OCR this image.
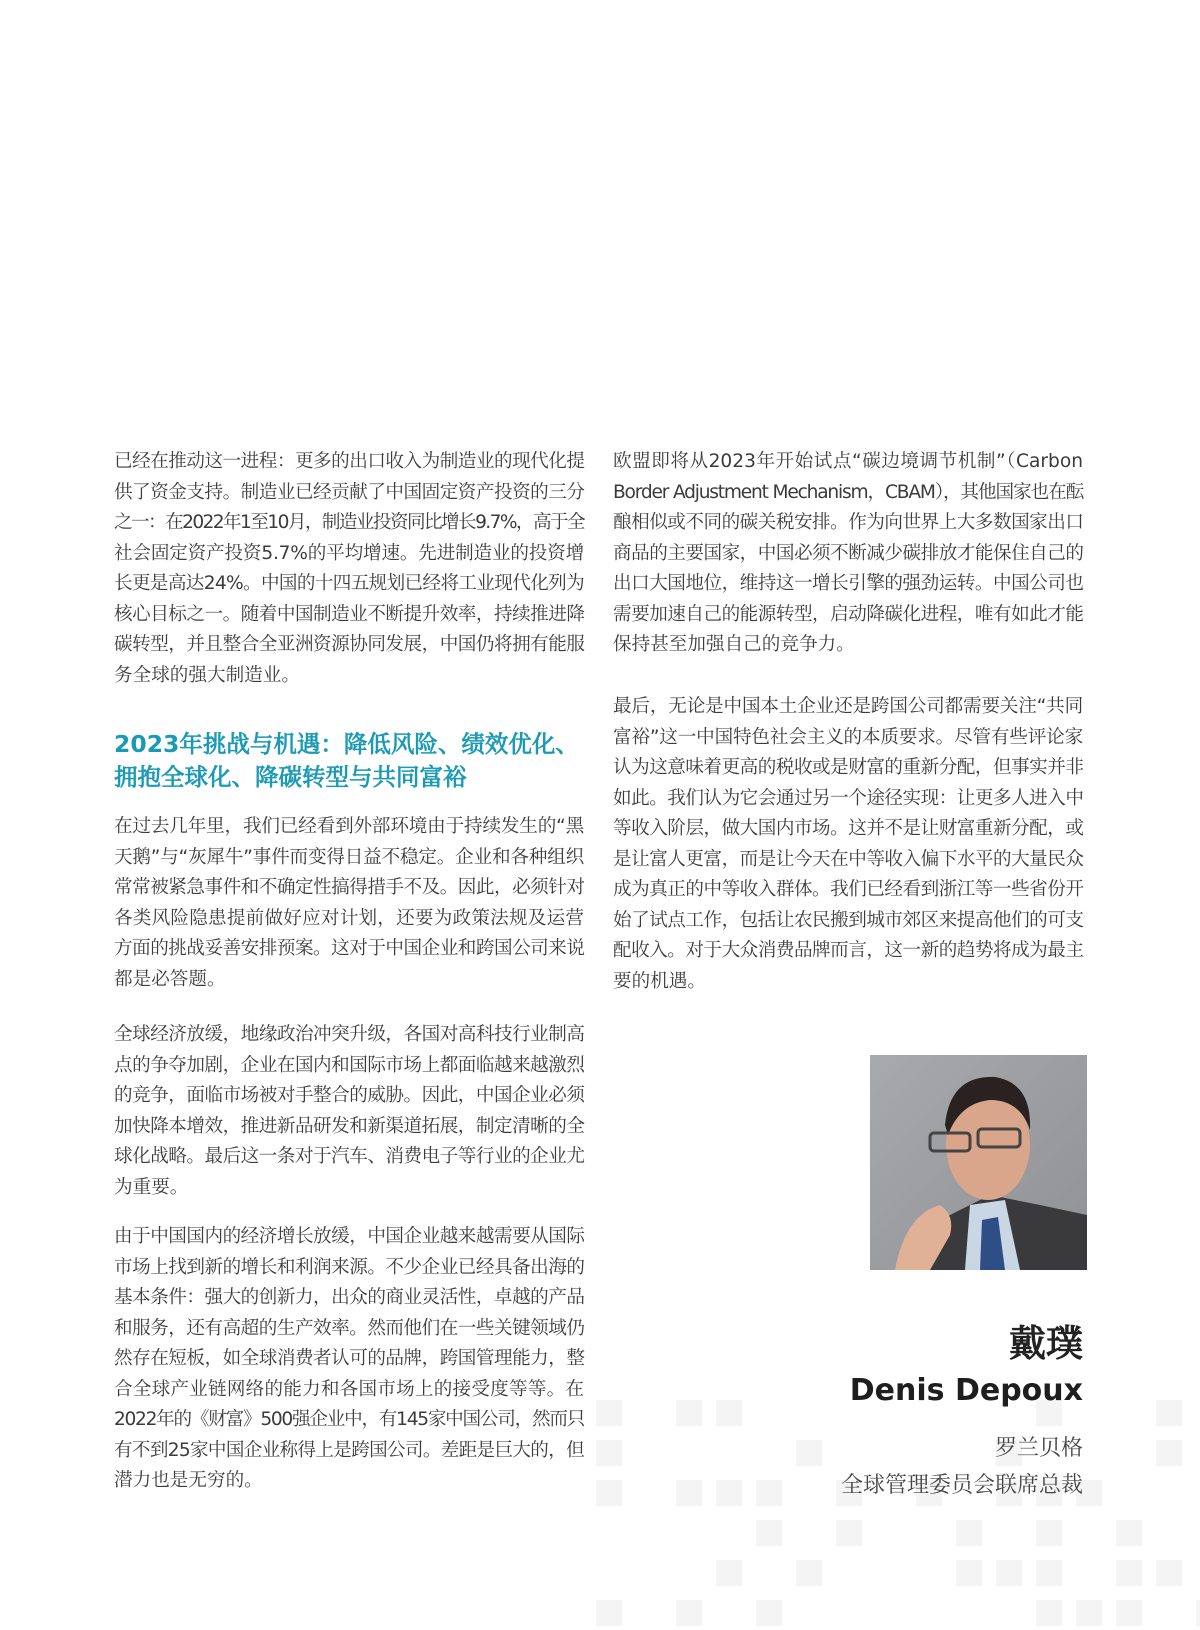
已经在推动这一进程：更多的出口收入为制造业的现代化提
供了资金支持。制造业已经贡献了中国固定资产投资的三分
之一：在2022年1至10月，制造业投资同比增长9.7%，高于全
社会固定资产投资5.7%的平均增速。先进制造业的投资增
长更是高达24%。中国的十四五规划已经将工业现代化列为
核心目标之一。随着中国制造业不断提升效率，持续推进降
碳转型，并且整合全亚洲资源协同发展，中国仍将拥有能服
务全球的强大制造业。
2023年挑战与机遇：降低风险、绩效优化、
拥抱全球化、降碳转型与共同富裕
在过去几年里，我们已经看到外部环境由于持续发生的“黑
天鹅”与“灰犀牛”事件而变得日益不稳定。企业和各种组织
常常被紧急事件和不确定性搞得措手不及。因此，必须针对
各类风险隐患提前做好应对计划，还要为政策法规及运营
方面的挑战妥善安排预案。这对于中国企业和跨国公司来说
都是必答题。
全球经济放缓，地缘政治冲突升级，各国对高科技行业制高
点的争夺加剧，企业在国内和国际市场上都面临越来越激烈
的竞争，面临市场被对手整合的威胁。因此，中国企业必须
加快降本增效，推进新品研发和新渠道拓展，制定清晰的全
球化战略。最后这一条对于汽车、消费电子等行业的企业尤
为重要。
由于中国国内的经济增长放缓，中国企业越来越需要从国际
市场上找到新的增长和利润来源。不少企业已经具备出海的
基本条件：强大的创新力，出众的商业灵活性，卓越的产品
和服务，还有高超的生产效率。然而他们在一些关键领域仍
然存在短板，如全球消费者认可的品牌，跨国管理能力，整
合全球产业链网络的能力和各国市场上的接受度等等。在
2022年的《财富》500强企业中，有145家中国公司，然而只
有不到25家中国企业称得上是跨国公司。差距是巨大的，但
潜力也是无穷的。
欧盟即将从2023年开始试点“碳边境调节机制”（Carbon
Border Adjustment Mechanism，CBAM），其他国家也在酝
酿相似或不同的碳关税安排。作为向世界上大多数国家出口
商品的主要国家，中国必须不断减少碳排放才能保住自己的
出口大国地位，维持这一增长引擎的强劲运转。中国公司也
需要加速自己的能源转型，启动降碳化进程，唯有如此才能
保持甚至加强自己的竞争力。
最后，无论是中国本土企业还是跨国公司都需要关注“共同
富裕”这一中国特色社会主义的本质要求。尽管有些评论家
认为这意味着更高的税收或是财富的重新分配，但事实并非
如此。我们认为它会通过另一个途径实现：让更多人进入中
等收入阶层，做大国内市场。这并不是让财富重新分配，或
是让富人更富，而是让今天在中等收入偏下水平的大量民众
成为真正的中等收入群体。我们已经看到浙江等一些省份开
始了试点工作，包括让农民搬到城市郊区来提高他们的可支
配收入。对于大众消费品牌而言，这一新的趋势将成为最主
要的机遇。
戴璞
Denis Depoux
罗兰贝格
全球管理委员会联席总裁
